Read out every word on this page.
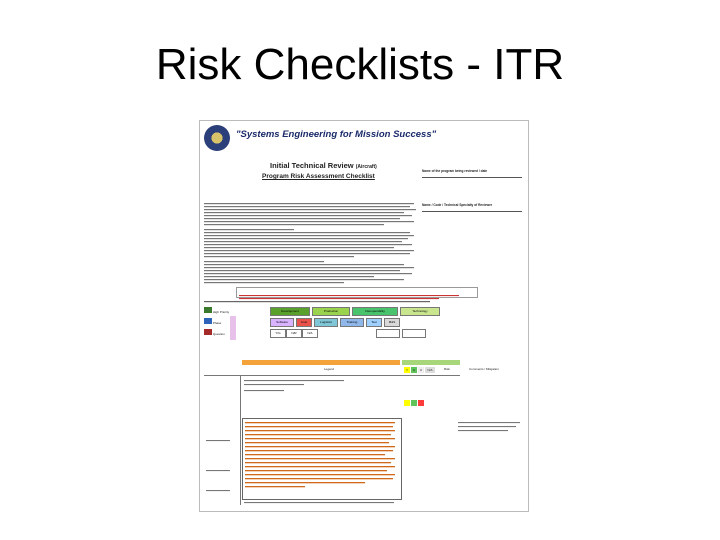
Risk Checklists - ITR
"Systems Engineering for Mission Success"
Initial Technical Review (Aircraft)
Program Risk Assessment Checklist
Name of the program being reviewed / date
Name / Code / Technical Specialty of Reviewer
High Priority
Phase
Question
Development	Production	Interoperability	Technology
Software	Cost	Logistics	Training	Test	M&S
Y/G	N/R	N/A
Legend	Y	G	U	N/A	Risk	Comments / Mitigation
